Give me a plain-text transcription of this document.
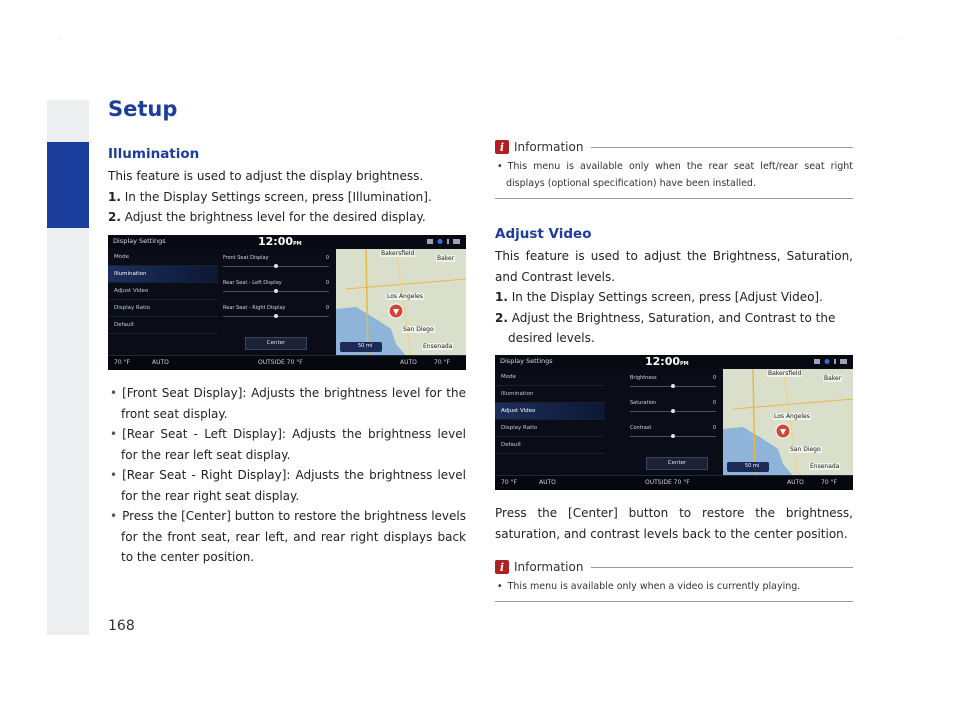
.	.
Setup
Illumination

This feature is used to adjust the display brightness.

1. In the Display Settings screen, press [Illumination].

2. Adjust the brightness level for the desired display.

Display Settings	12:00PM
Mode
Illumination
Adjust Video
Display Ratio
Default
Front Seat Display	0
Rear Seat - Left Display	0
Rear Seat - Right Display	0
Center
Bakersfield
Baker
Los Angeles
San Diego
Ensenada
50 mi
70 °F	AUTO	OUTSIDE 70 °F	AUTO	70 °F
• [Front Seat Display]: Adjusts the brightness level for the front seat display.
• [Rear Seat - Left Display]: Adjusts the brightness level for the rear left seat display.
• [Rear Seat - Right Display]: Adjusts the brightness level for the rear right seat display.
• Press the [Center] button to restore the brightness levels for the front seat, rear left, and rear right displays back to the center position.
i Information

• This menu is available only when the rear seat left/rear seat right displays (optional specification) have been installed.

Adjust Video

This feature is used to adjust the Brightness, Saturation, and Contrast levels.

1. In the Display Settings screen, press [Adjust Video].

2. Adjust the Brightness, Saturation, and Contrast to the desired levels.

Display Settings	12:00PM
Mode
Illumination
Adjust Video
Display Ratio
Default
Brightness	0
Saturation	0
Contrast	0
Center
Bakersfield
Baker
Los Angeles
San Diego
Ensenada
50 mi
70 °F	AUTO	OUTSIDE 70 °F	AUTO	70 °F

Press the [Center] button to restore the brightness, saturation, and contrast levels back to the center position.

i Information

• This menu is available only when a video is currently playing.

168
